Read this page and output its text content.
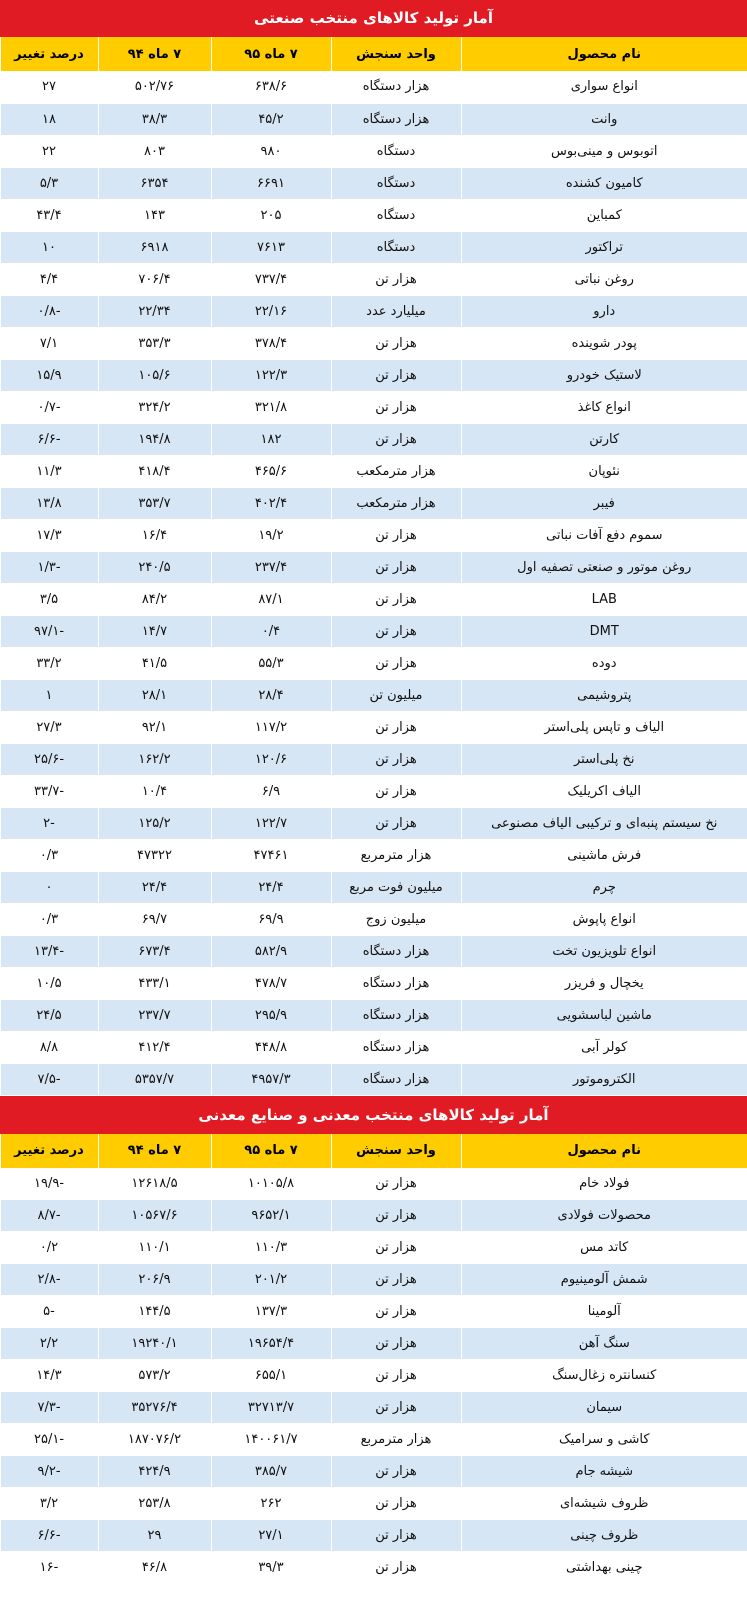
آمار تولید کالاهای منتخب صنعتی
نام محصول	واحد سنجش	۷ ماه ۹۵	۷ ماه ۹۴	درصد تغییر
انواع سواری	هزار دستگاه	۶۳۸/۶	۵۰۲/۷۶	۲۷
وانت	هزار دستگاه	۴۵/۲	۳۸/۳	۱۸
اتوبوس و مینی‌بوس	دستگاه	۹۸۰	۸۰۳	۲۲
کامیون کشنده	دستگاه	۶۶۹۱	۶۳۵۴	۵/۳
کمباین	دستگاه	۲۰۵	۱۴۳	۴۳/۴
تراکتور	دستگاه	۷۶۱۳	۶۹۱۸	۱۰
روغن نباتی	هزار تن	۷۳۷/۴	۷۰۶/۴	۴/۴
دارو	میلیارد عدد	۲۲/۱۶	۲۲/۳۴	-۰/۸
پودر شوینده	هزار تن	۳۷۸/۴	۳۵۳/۳	۷/۱
لاستیک خودرو	هزار تن	۱۲۲/۳	۱۰۵/۶	۱۵/۹
انواع کاغذ	هزار تن	۳۲۱/۸	۳۲۴/۲	-۰/۷
کارتن	هزار تن	۱۸۲	۱۹۴/۸	-۶/۶
نئوپان	هزار مترمکعب	۴۶۵/۶	۴۱۸/۴	۱۱/۳
فیبر	هزار مترمکعب	۴۰۲/۴	۳۵۳/۷	۱۳/۸
سموم دفع آفات نباتی	هزار تن	۱۹/۲	۱۶/۴	۱۷/۳
روغن موتور و صنعتی تصفیه اول	هزار تن	۲۳۷/۴	۲۴۰/۵	-۱/۳
LAB	هزار تن	۸۷/۱	۸۴/۲	۳/۵
DMT	هزار تن	۰/۴	۱۴/۷	-۹۷/۱
دوده	هزار تن	۵۵/۳	۴۱/۵	۳۳/۲
پتروشیمی	میلیون تن	۲۸/۴	۲۸/۱	۱
الیاف و تاپس پلی‌استر	هزار تن	۱۱۷/۲	۹۲/۱	۲۷/۳
نخ پلی‌استر	هزار تن	۱۲۰/۶	۱۶۲/۲	-۲۵/۶
الیاف اکریلیک	هزار تن	۶/۹	۱۰/۴	-۳۳/۷
نخ سیستم پنبه‌ای و ترکیبی الیاف مصنوعی	هزار تن	۱۲۲/۷	۱۲۵/۲	-۲
فرش ماشینی	هزار مترمربع	۴۷۴۶۱	۴۷۳۲۲	۰/۳
چرم	میلیون فوت مربع	۲۴/۴	۲۴/۴	۰
انواع پاپوش	میلیون زوج	۶۹/۹	۶۹/۷	۰/۳
انواع تلویزیون تخت	هزار دستگاه	۵۸۲/۹	۶۷۳/۴	-۱۳/۴
یخچال و فریزر	هزار دستگاه	۴۷۸/۷	۴۳۳/۱	۱۰/۵
ماشین لباسشویی	هزار دستگاه	۲۹۵/۹	۲۳۷/۷	۲۴/۵
کولر آبی	هزار دستگاه	۴۴۸/۸	۴۱۲/۴	۸/۸
الکتروموتور	هزار دستگاه	۴۹۵۷/۳	۵۳۵۷/۷	-۷/۵
آمار تولید کالاهای منتخب معدنی و صنایع معدنی
نام محصول	واحد سنجش	۷ ماه ۹۵	۷ ماه ۹۴	درصد تغییر
فولاد خام	هزار تن	۱۰۱۰۵/۸	۱۲۶۱۸/۵	-۱۹/۹
محصولات فولادی	هزار تن	۹۶۵۲/۱	۱۰۵۶۷/۶	-۸/۷
کاتد مس	هزار تن	۱۱۰/۳	۱۱۰/۱	۰/۲
شمش آلومینیوم	هزار تن	۲۰۱/۲	۲۰۶/۹	-۲/۸
آلومینا	هزار تن	۱۳۷/۳	۱۴۴/۵	-۵
سنگ آهن	هزار تن	۱۹۶۵۴/۴	۱۹۲۴۰/۱	۲/۲
کنسانتره زغال‌سنگ	هزار تن	۶۵۵/۱	۵۷۳/۲	۱۴/۳
سیمان	هزار تن	۳۲۷۱۳/۷	۳۵۲۷۶/۴	-۷/۳
کاشی و سرامیک	هزار مترمربع	۱۴۰۰۶۱/۷	۱۸۷۰۷۶/۲	-۲۵/۱
شیشه جام	هزار تن	۳۸۵/۷	۴۲۴/۹	-۹/۲
ظروف شیشه‌ای	هزار تن	۲۶۲	۲۵۳/۸	۳/۲
ظروف چینی	هزار تن	۲۷/۱	۲۹	-۶/۶
چینی بهداشتی	هزار تن	۳۹/۳	۴۶/۸	-۱۶
